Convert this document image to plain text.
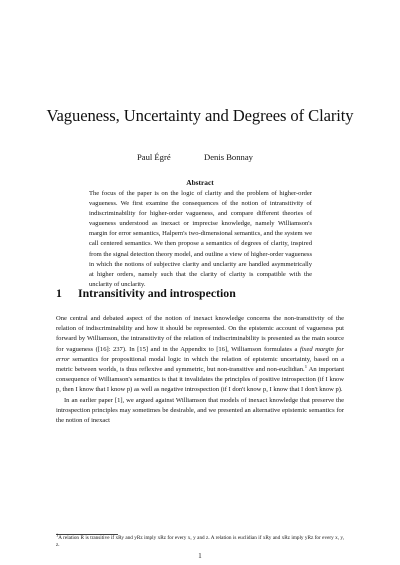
Vagueness, Uncertainty and Degrees of Clarity
Paul Égré	Denis Bonnay
Abstract
The focus of the paper is on the logic of clarity and the problem of higher-order vagueness. We first examine the consequences of the notion of intransitivity of indiscriminability for higher-order vagueness, and compare different theories of vagueness understood as inexact or imprecise knowledge, namely Williamson's margin for error semantics, Halpern's two-dimensional semantics, and the system we call centered semantics. We then propose a semantics of degrees of clarity, inspired from the signal detection theory model, and outline a view of higher-order vagueness in which the notions of subjective clarity and unclarity are handled asymmetrically at higher orders, namely such that the clarity of clarity is compatible with the unclarity of unclarity.
1 Intransitivity and introspection

One central and debated aspect of the notion of inexact knowledge concerns the non-transitivity of the relation of indiscriminability and how it should be represented. On the epistemic account of vagueness put forward by Williamson, the intransitivity of the relation of indiscriminability is presented as the main source for vagueness ([16]: 237). In [15] and in the Appendix to [16], Williamson formulates a fixed margin for error semantics for propositional modal logic in which the relation of epistemic uncertainty, based on a metric between worlds, is thus reflexive and symmetric, but non-transitive and non-euclidian.$^1$ An important consequence of Williamson's semantics is that it invalidates the principles of positive introspection (if I know p, then I know that I know p) as well as negative introspection (if I don't know p, I know that I don't know p).

In an earlier paper [1], we argued against Williamson that models of inexact knowledge that preserve the introspection principles may sometimes be desirable, and we presented an alternative epistemic semantics for the notion of inexact

$^1$A relation R is transitive if xRy and yRz imply xRz for every x, y and z. A relation is euclidian if xRy and xRz imply yRz for every x, y, z.
1
